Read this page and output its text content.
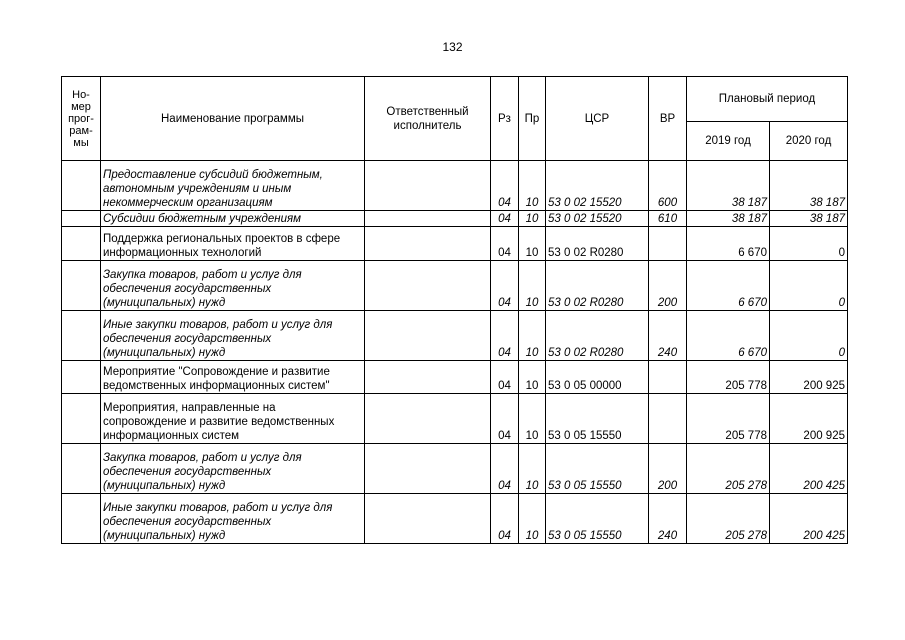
132
Но-мер прог-рам-мы	Наименование программы	Ответственный исполнитель	Рз	Пр	ЦСР	ВР	Плановый период	
							2019 год	2020 год
	Предоставление субсидий бюджетным, автономным учреждениям и иным некоммерческим организациям		04	10	53 0 02 15520	600	38 187	38 187
	Субсидии бюджетным учреждениям		04	10	53 0 02 15520	610	38 187	38 187
	Поддержка региональных проектов в сфере информационных технологий		04	10	53 0 02 R0280		6 670	0
	Закупка товаров, работ и услуг для обеспечения государственных (муниципальных) нужд		04	10	53 0 02 R0280	200	6 670	0
	Иные закупки товаров, работ и услуг для обеспечения государственных (муниципальных) нужд		04	10	53 0 02 R0280	240	6 670	0
	Мероприятие "Сопровождение и развитие ведомственных информационных систем"		04	10	53 0 05 00000		205 778	200 925
	Мероприятия, направленные на сопровождение и развитие ведомственных информационных систем		04	10	53 0 05 15550		205 778	200 925
	Закупка товаров, работ и услуг для обеспечения государственных (муниципальных) нужд		04	10	53 0 05 15550	200	205 278	200 425
	Иные закупки товаров, работ и услуг для обеспечения государственных (муниципальных) нужд		04	10	53 0 05 15550	240	205 278	200 425
